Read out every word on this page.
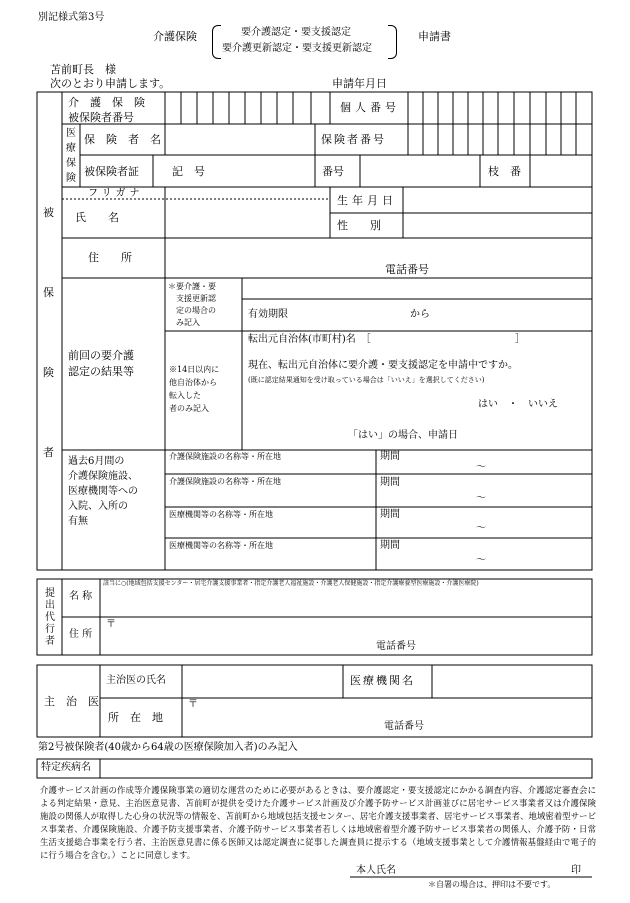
別記様式第3号
介護保険	要介護認定・要支援認定
要介護更新認定・要支援更新認定
申請書
苫前町長　様
次のとおり申請します。	申請年月日
被
保
険
者
介　護　保　険
被保険者番号
個人番号
医
療
保
険
保　険　者　名	保険者番号
被保険者証	記　号	番号	枝　番
フリガナ
氏　　名
生年月日
性　　別
住　　所
電話番号
前回の要介護
認定の結果等
＊要介護・要
　支援更新認
　定の場合の
　み記入
有効期限	から
※14日以内に
他自治体から
転入した
者のみ記入
転出元自治体(市町村)名　［	］
現在、転出元自治体に要介護・要支援認定を申請中ですか。
(既に認定結果通知を受け取っている場合は「いいえ」を選択してください)
はい　・　いいえ
「はい」の場合、申請日
過去6月間の
介護保険施設、
医療機関等への
入院、入所の
有無
介護保険施設の名称等・所在地	期間
～
介護保険施設の名称等・所在地	期間
～
医療機関等の名称等・所在地	期間
～
医療機関等の名称等・所在地	期間
～
提
出
代
行
者
名 称
該当に○(地域包括支援センター・居宅介護支援事業者・指定介護老人福祉施設・介護老人保健施設・指定介護療養型医療施設・介護医療院)
住 所
〒
電話番号
主　治　医
主治医の氏名	医療機関名
所　在　地
〒
電話番号
第2号被保険者(40歳から64歳の医療保険加入者)のみ記入
特定疾病名
介護サービス計画の作成等介護保険事業の適切な運営のために必要があるときは、要介護認定・要支援認定にかかる調査内容、介護認定審査会による判定結果・意見、主治医意見書、苫前町が提供を受けた介護サービス計画及び介護予防サービス計画並びに居宅サービス事業者又は介護保険施設の関係人が取得した心身の状況等の情報を、苫前町から地域包括支援センター、居宅介護支援事業者、居宅サービス事業者、地域密着型サービス事業者、介護保険施設、介護予防支援事業者、介護予防サービス事業者若しくは地域密着型介護予防サービス事業者の関係人、介護予防・日常生活支援総合事業を行う者、主治医意見書に係る医師又は認定調査に従事した調査員に提示する（地域支援事業として介護情報基盤経由で電子的に行う場合を含む。）ことに同意します。
本人氏名	印
＊自署の場合は、押印は不要です。
